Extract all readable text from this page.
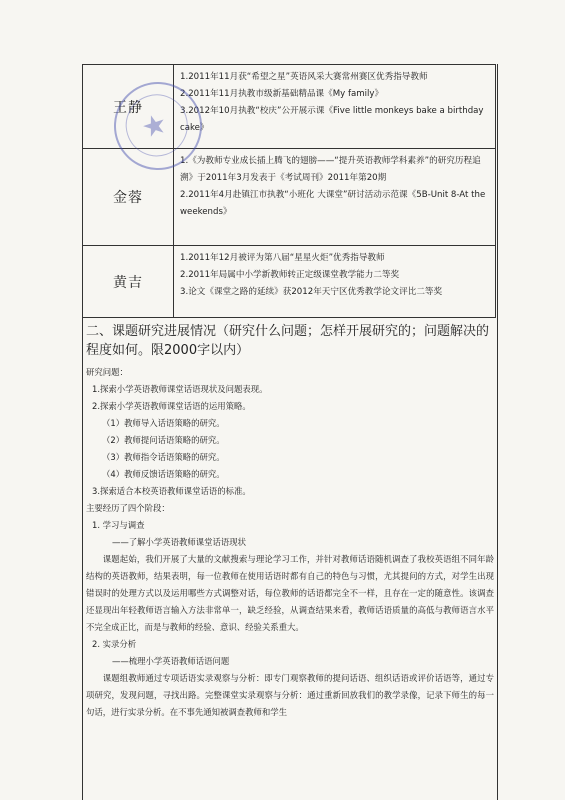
王静	1.2011年11月获“希望之星”英语风采大赛常州赛区优秀指导教师
2.2011年11月执教市级新基础精品课《My family》
3.2012年10月执教“校庆”公开展示课《Five little monkeys bake a birthday cake》

金蓉	1.《为教师专业成长插上腾飞的翅膀——“提升英语教师学科素养”的研究历程追溯》于2011年3月发表于《考试周刊》2011年第20期
2.2011年4月赴镇江市执教“小班化 大课堂”研讨活动示范课《5B-Unit 8-At the weekends》

黄吉	1.2011年12月被评为第八届“星星火炬”优秀指导教师
2.2011年局属中小学新教师转正定级课堂教学能力二等奖
3.论文《课堂之路的延续》获2012年天宁区优秀教学论文评比二等奖
★
二、课题研究进展情况（研究什么问题；怎样开展研究的；问题解决的程度如何。限2000字以内）
研究问题：
1.探索小学英语教师课堂话语现状及问题表现。
2.探索小学英语教师课堂话语的运用策略。
（1）教师导入话语策略的研究。
（2）教师提问话语策略的研究。
（3）教师指令话语策略的研究。
（4）教师反馈话语策略的研究。
3.探索适合本校英语教师课堂话语的标准。
主要经历了四个阶段：
1. 学习与调查
——了解小学英语教师课堂话语现状
课题起始，我们开展了大量的文献搜索与理论学习工作，并针对教师话语随机调查了我校英语组不同年龄结构的英语教师，结果表明，每一位教师在使用话语时都有自己的特色与习惯，尤其提问的方式，对学生出现错误时的处理方式以及运用哪些方式调整对话，每位教师的话语都完全不一样，且存在一定的随意性。该调查还显现出年轻教师语言输入方法非常单一，缺乏经验，从调查结果来看，教师话语质量的高低与教师语言水平不完全成正比，而是与教师的经验、意识、经验关系重大。
2. 实录分析
——梳理小学英语教师话语问题
课题组教师通过专项话语实录观察与分析：即专门观察教师的提问话语、组织话语或评价话语等，通过专项研究，发现问题，寻找出路。完整课堂实录观察与分析：通过重新回放我们的教学录像，记录下师生的每一句话，进行实录分析。在不事先通知被调查教师和学生
